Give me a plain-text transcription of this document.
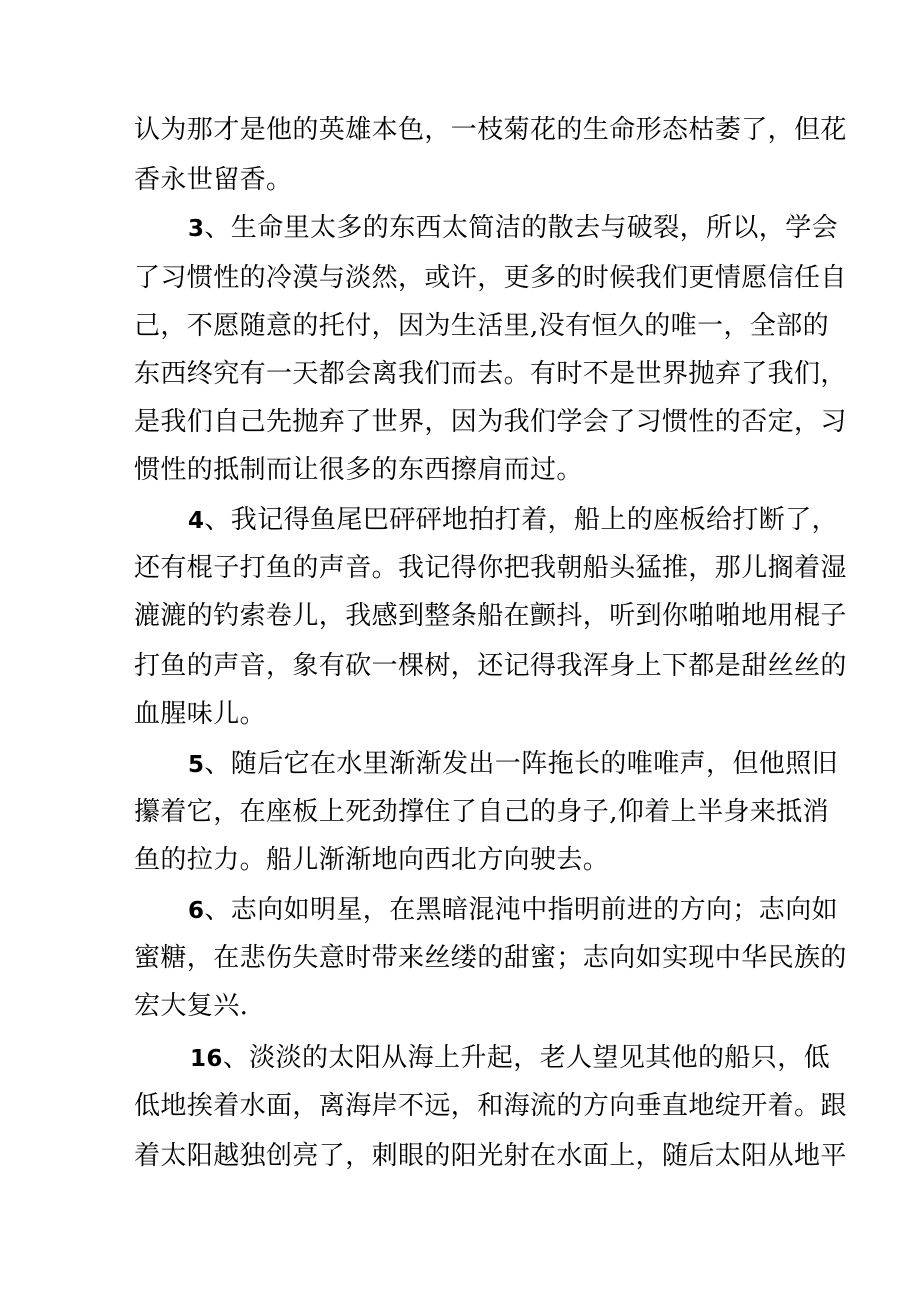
认为那才是他的英雄本色，一枝菊花的生命形态枯萎了，但花
香永世留香。
3、生命里太多的东西太简洁的散去与破裂，所以，学会
了习惯性的冷漠与淡然，或许，更多的时候我们更情愿信任自
己，不愿随意的托付，因为生活里,没有恒久的唯一，全部的
东西终究有一天都会离我们而去。有时不是世界抛弃了我们，
是我们自己先抛弃了世界，因为我们学会了习惯性的否定，习
惯性的抵制而让很多的东西擦肩而过。
4、我记得鱼尾巴砰砰地拍打着，船上的座板给打断了，
还有棍子打鱼的声音。我记得你把我朝船头猛推，那儿搁着湿
漉漉的钓索卷儿，我感到整条船在颤抖，听到你啪啪地用棍子
打鱼的声音，象有砍一棵树，还记得我浑身上下都是甜丝丝的
血腥味儿。
5、随后它在水里渐渐发出一阵拖长的唯唯声，但他照旧
攥着它，在座板上死劲撑住了自己的身子,仰着上半身来抵消
鱼的拉力。船儿渐渐地向西北方向驶去。
6、志向如明星，在黑暗混沌中指明前进的方向；志向如
蜜糖，在悲伤失意时带来丝缕的甜蜜；志向如实现中华民族的
宏大复兴.
16、淡淡的太阳从海上升起，老人望见其他的船只，低
低地挨着水面，离海岸不远，和海流的方向垂直地绽开着。跟
着太阳越独创亮了，刺眼的阳光射在水面上，随后太阳从地平
